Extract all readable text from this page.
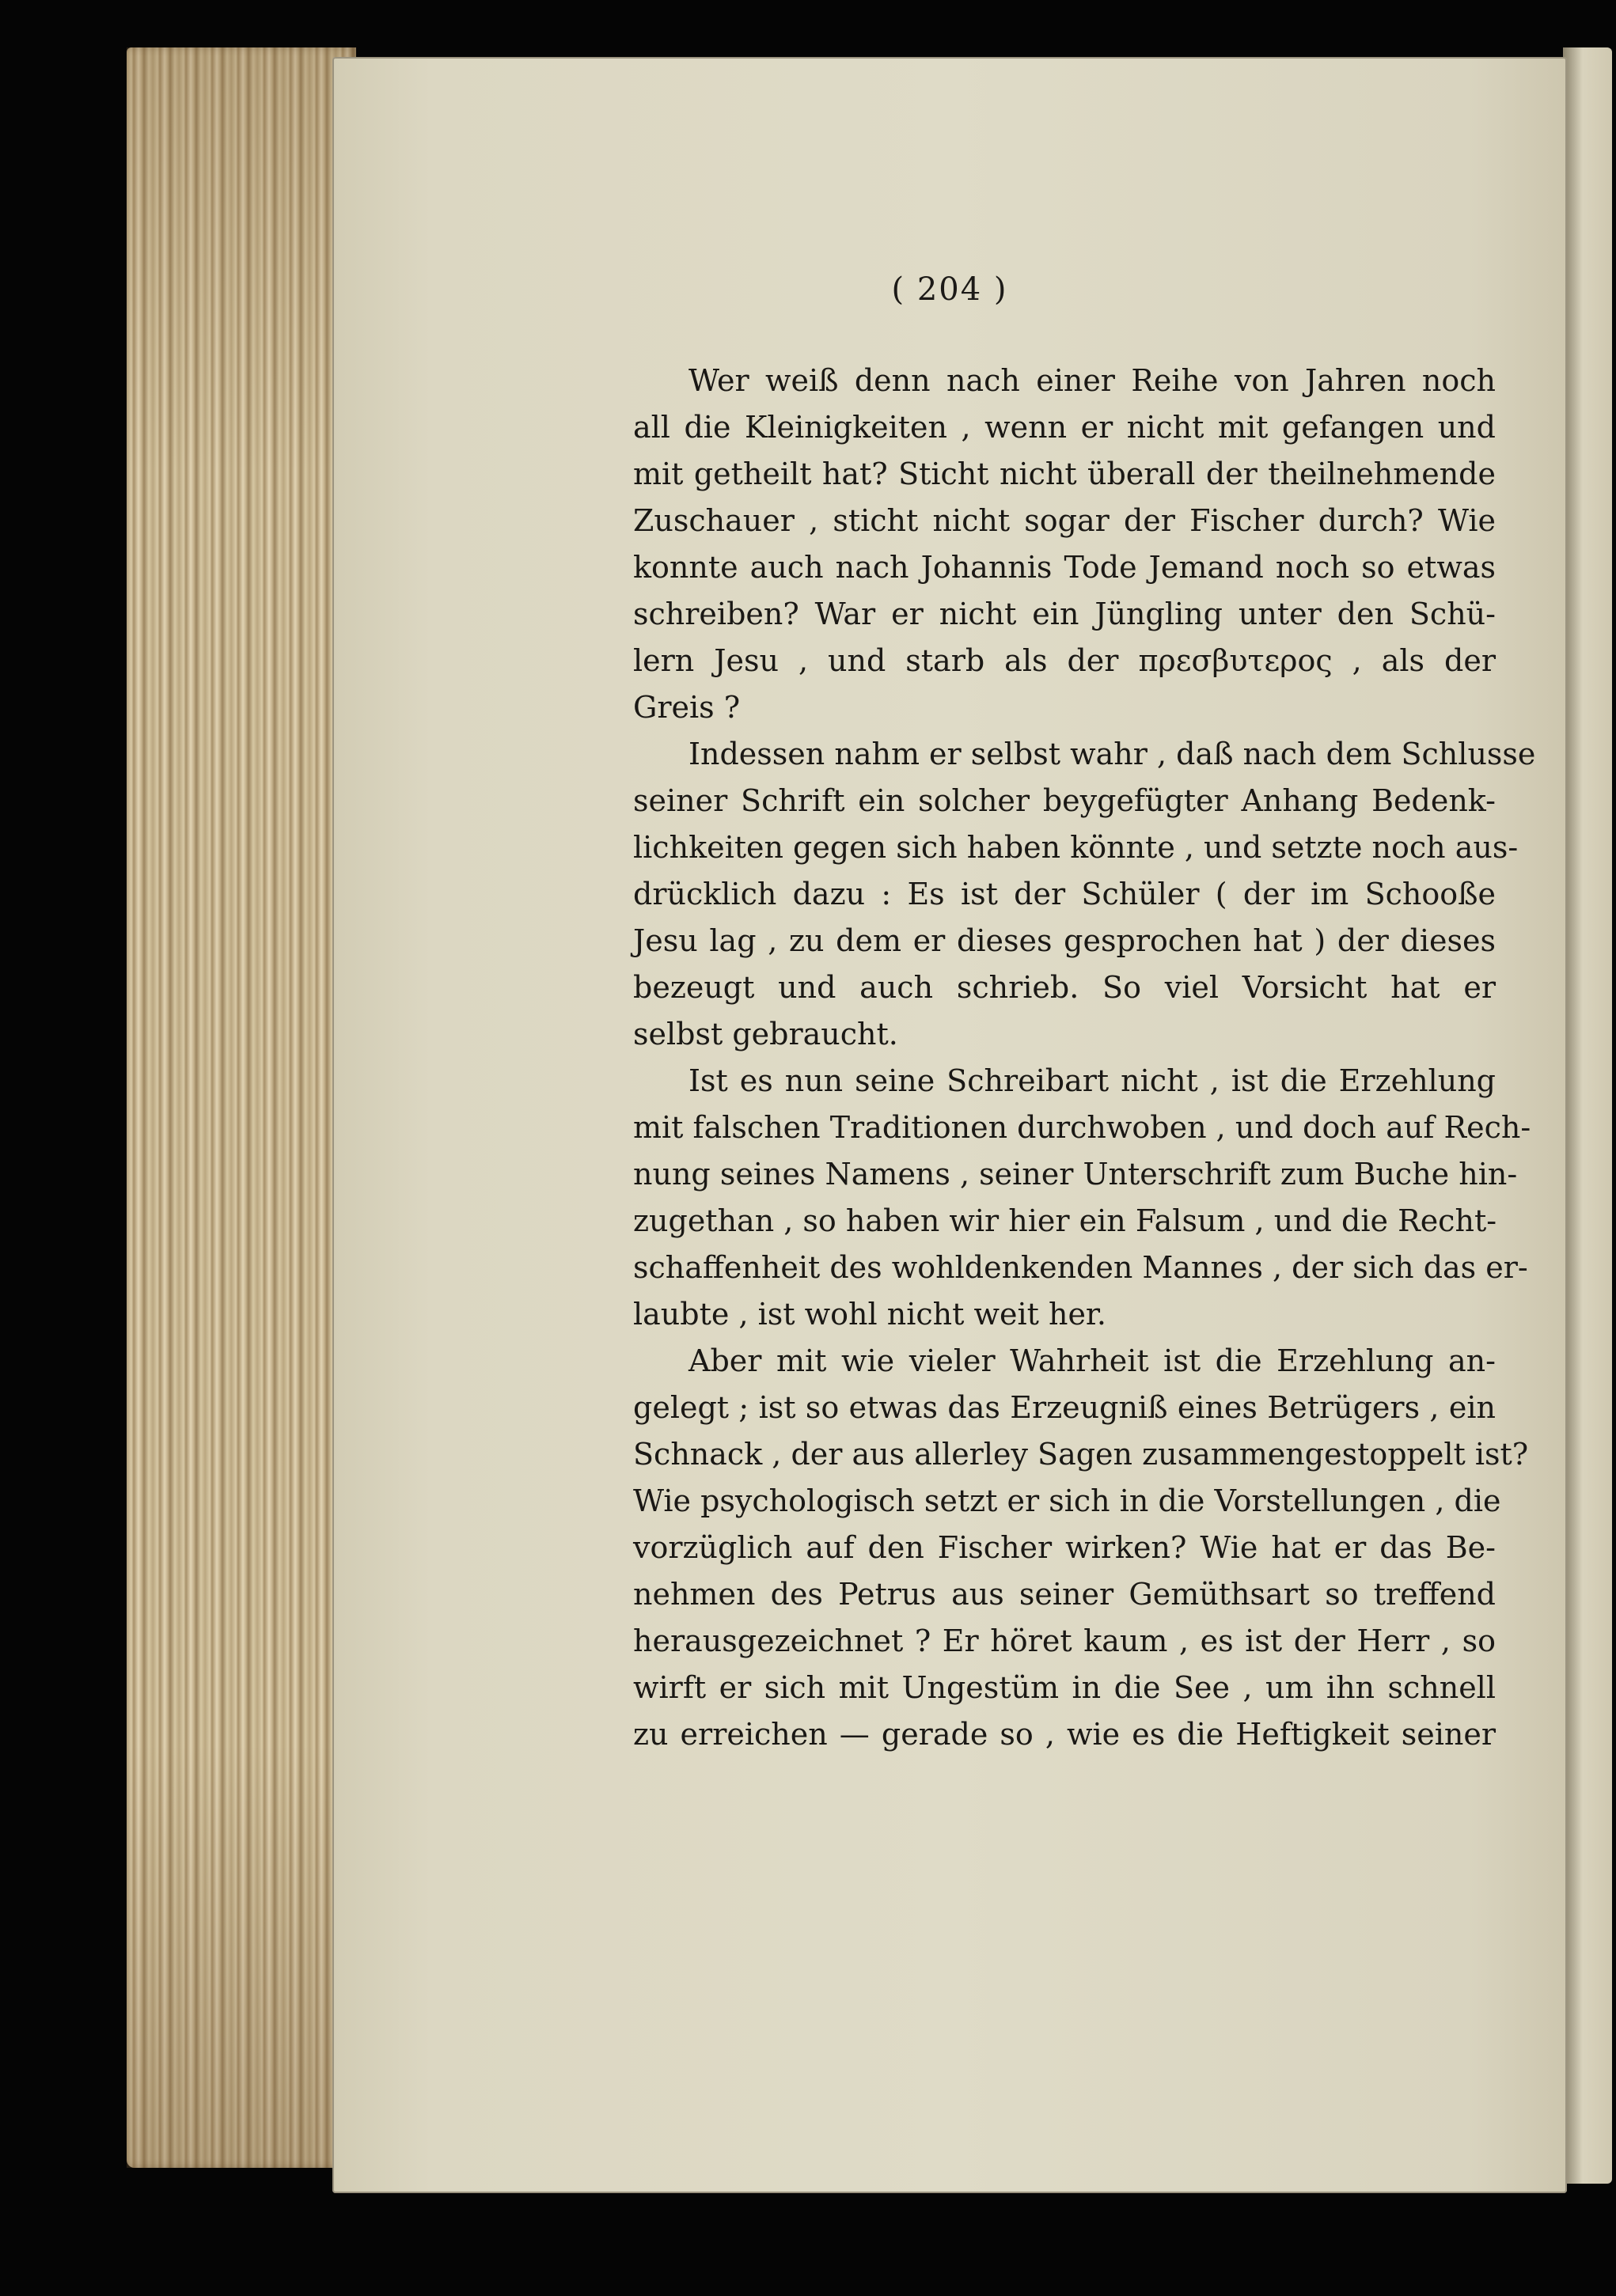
( 204 )
Wer weiß denn nach einer Reihe von Jahren noch
all die Kleinigkeiten , wenn er nicht mit gefangen und
mit getheilt hat? Sticht nicht überall der theilnehmende
Zuschauer , sticht nicht sogar der Fischer durch? Wie
konnte auch nach Johannis Tode Jemand noch so etwas
schreiben? War er nicht ein Jüngling unter den Schü-
lern Jesu , und starb als der πρεσβυτερος , als der
Greis ?
Indessen nahm er selbst wahr , daß nach dem Schlusse
seiner Schrift ein solcher beygefügter Anhang Bedenk-
lichkeiten gegen sich haben könnte , und setzte noch aus-
drücklich dazu : Es ist der Schüler ( der im Schooße
Jesu lag , zu dem er dieses gesprochen hat ) der dieses
bezeugt und auch schrieb. So viel Vorsicht hat er
selbst gebraucht.
Ist es nun seine Schreibart nicht , ist die Erzehlung
mit falschen Traditionen durchwoben , und doch auf Rech-
nung seines Namens , seiner Unterschrift zum Buche hin-
zugethan , so haben wir hier ein Falsum , und die Recht-
schaffenheit des wohldenkenden Mannes , der sich das er-
laubte , ist wohl nicht weit her.
Aber mit wie vieler Wahrheit ist die Erzehlung an-
gelegt ; ist so etwas das Erzeugniß eines Betrügers , ein
Schnack , der aus allerley Sagen zusammengestoppelt ist?
Wie psychologisch setzt er sich in die Vorstellungen , die
vorzüglich auf den Fischer wirken? Wie hat er das Be-
nehmen des Petrus aus seiner Gemüthsart so treffend
herausgezeichnet ? Er höret kaum , es ist der Herr , so
wirft er sich mit Ungestüm in die See , um ihn schnell
zu erreichen — gerade so , wie es die Heftigkeit seiner
